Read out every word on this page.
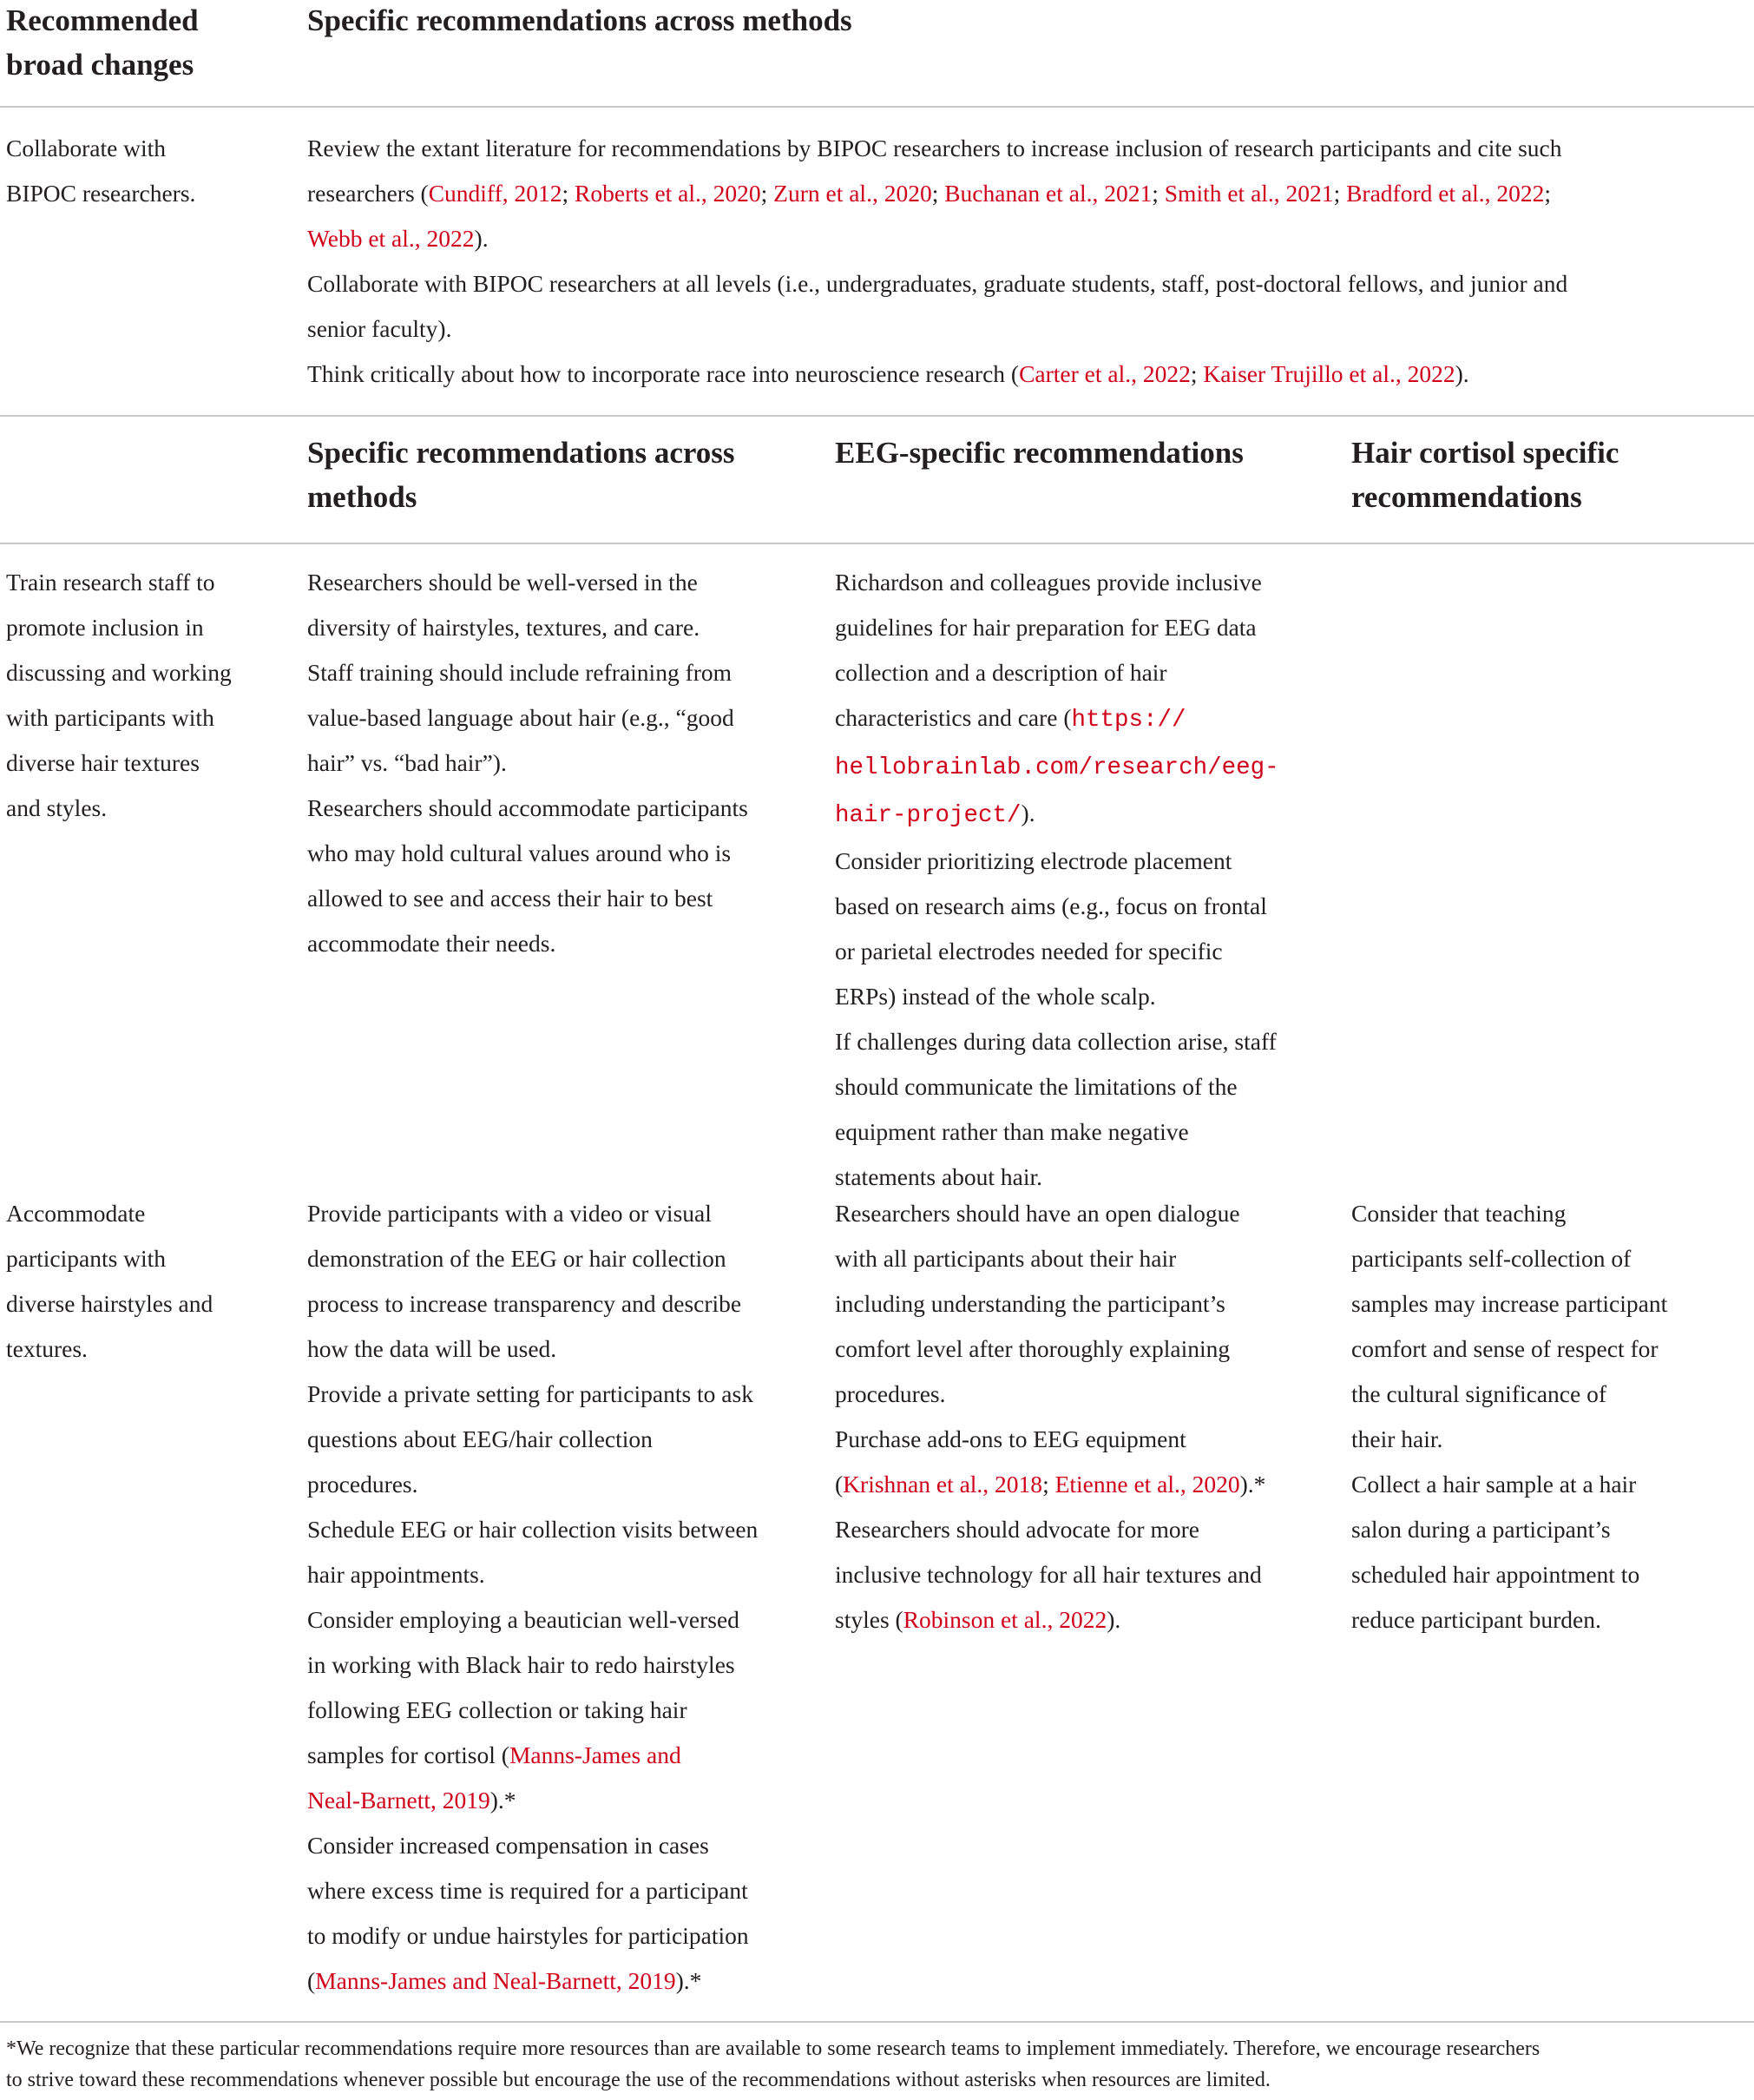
Recommended
broad changes
Specific recommendations across methods
Collaborate with
BIPOC researchers.
Review the extant literature for recommendations by BIPOC researchers to increase inclusion of research participants and cite such
researchers (Cundiff, 2012; Roberts et al., 2020; Zurn et al., 2020; Buchanan et al., 2021; Smith et al., 2021; Bradford et al., 2022;
Webb et al., 2022).
Collaborate with BIPOC researchers at all levels (i.e., undergraduates, graduate students, staff, post-doctoral fellows, and junior and
senior faculty).
Think critically about how to incorporate race into neuroscience research (Carter et al., 2022; Kaiser Trujillo et al., 2022).
Specific recommendations across
methods
EEG-specific recommendations	Hair cortisol specific
recommendations
Train research staff to
promote inclusion in
discussing and working
with participants with
diverse hair textures
and styles.
Researchers should be well-versed in the
diversity of hairstyles, textures, and care.
Staff training should include refraining from
value-based language about hair (e.g., “good
hair” vs. “bad hair”).
Researchers should accommodate participants
who may hold cultural values around who is
allowed to see and access their hair to best
accommodate their needs.
Richardson and colleagues provide inclusive
guidelines for hair preparation for EEG data
collection and a description of hair
characteristics and care (https://
hellobrainlab.com/research/eeg-
hair-project/).
Consider prioritizing electrode placement
based on research aims (e.g., focus on frontal
or parietal electrodes needed for specific
ERPs) instead of the whole scalp.
If challenges during data collection arise, staff
should communicate the limitations of the
equipment rather than make negative
statements about hair.
Accommodate
participants with
diverse hairstyles and
textures.
Provide participants with a video or visual
demonstration of the EEG or hair collection
process to increase transparency and describe
how the data will be used.
Provide a private setting for participants to ask
questions about EEG/hair collection
procedures.
Schedule EEG or hair collection visits between
hair appointments.
Consider employing a beautician well-versed
in working with Black hair to redo hairstyles
following EEG collection or taking hair
samples for cortisol (Manns-James and
Neal-Barnett, 2019).*
Consider increased compensation in cases
where excess time is required for a participant
to modify or undue hairstyles for participation
(Manns-James and Neal-Barnett, 2019).*
Researchers should have an open dialogue
with all participants about their hair
including understanding the participant’s
comfort level after thoroughly explaining
procedures.
Purchase add-ons to EEG equipment
(Krishnan et al., 2018; Etienne et al., 2020).*
Researchers should advocate for more
inclusive technology for all hair textures and
styles (Robinson et al., 2022).
Consider that teaching
participants self-collection of
samples may increase participant
comfort and sense of respect for
the cultural significance of
their hair.
Collect a hair sample at a hair
salon during a participant’s
scheduled hair appointment to
reduce participant burden.
*We recognize that these particular recommendations require more resources than are available to some research teams to implement immediately. Therefore, we encourage researchers
to strive toward these recommendations whenever possible but encourage the use of the recommendations without asterisks when resources are limited.
